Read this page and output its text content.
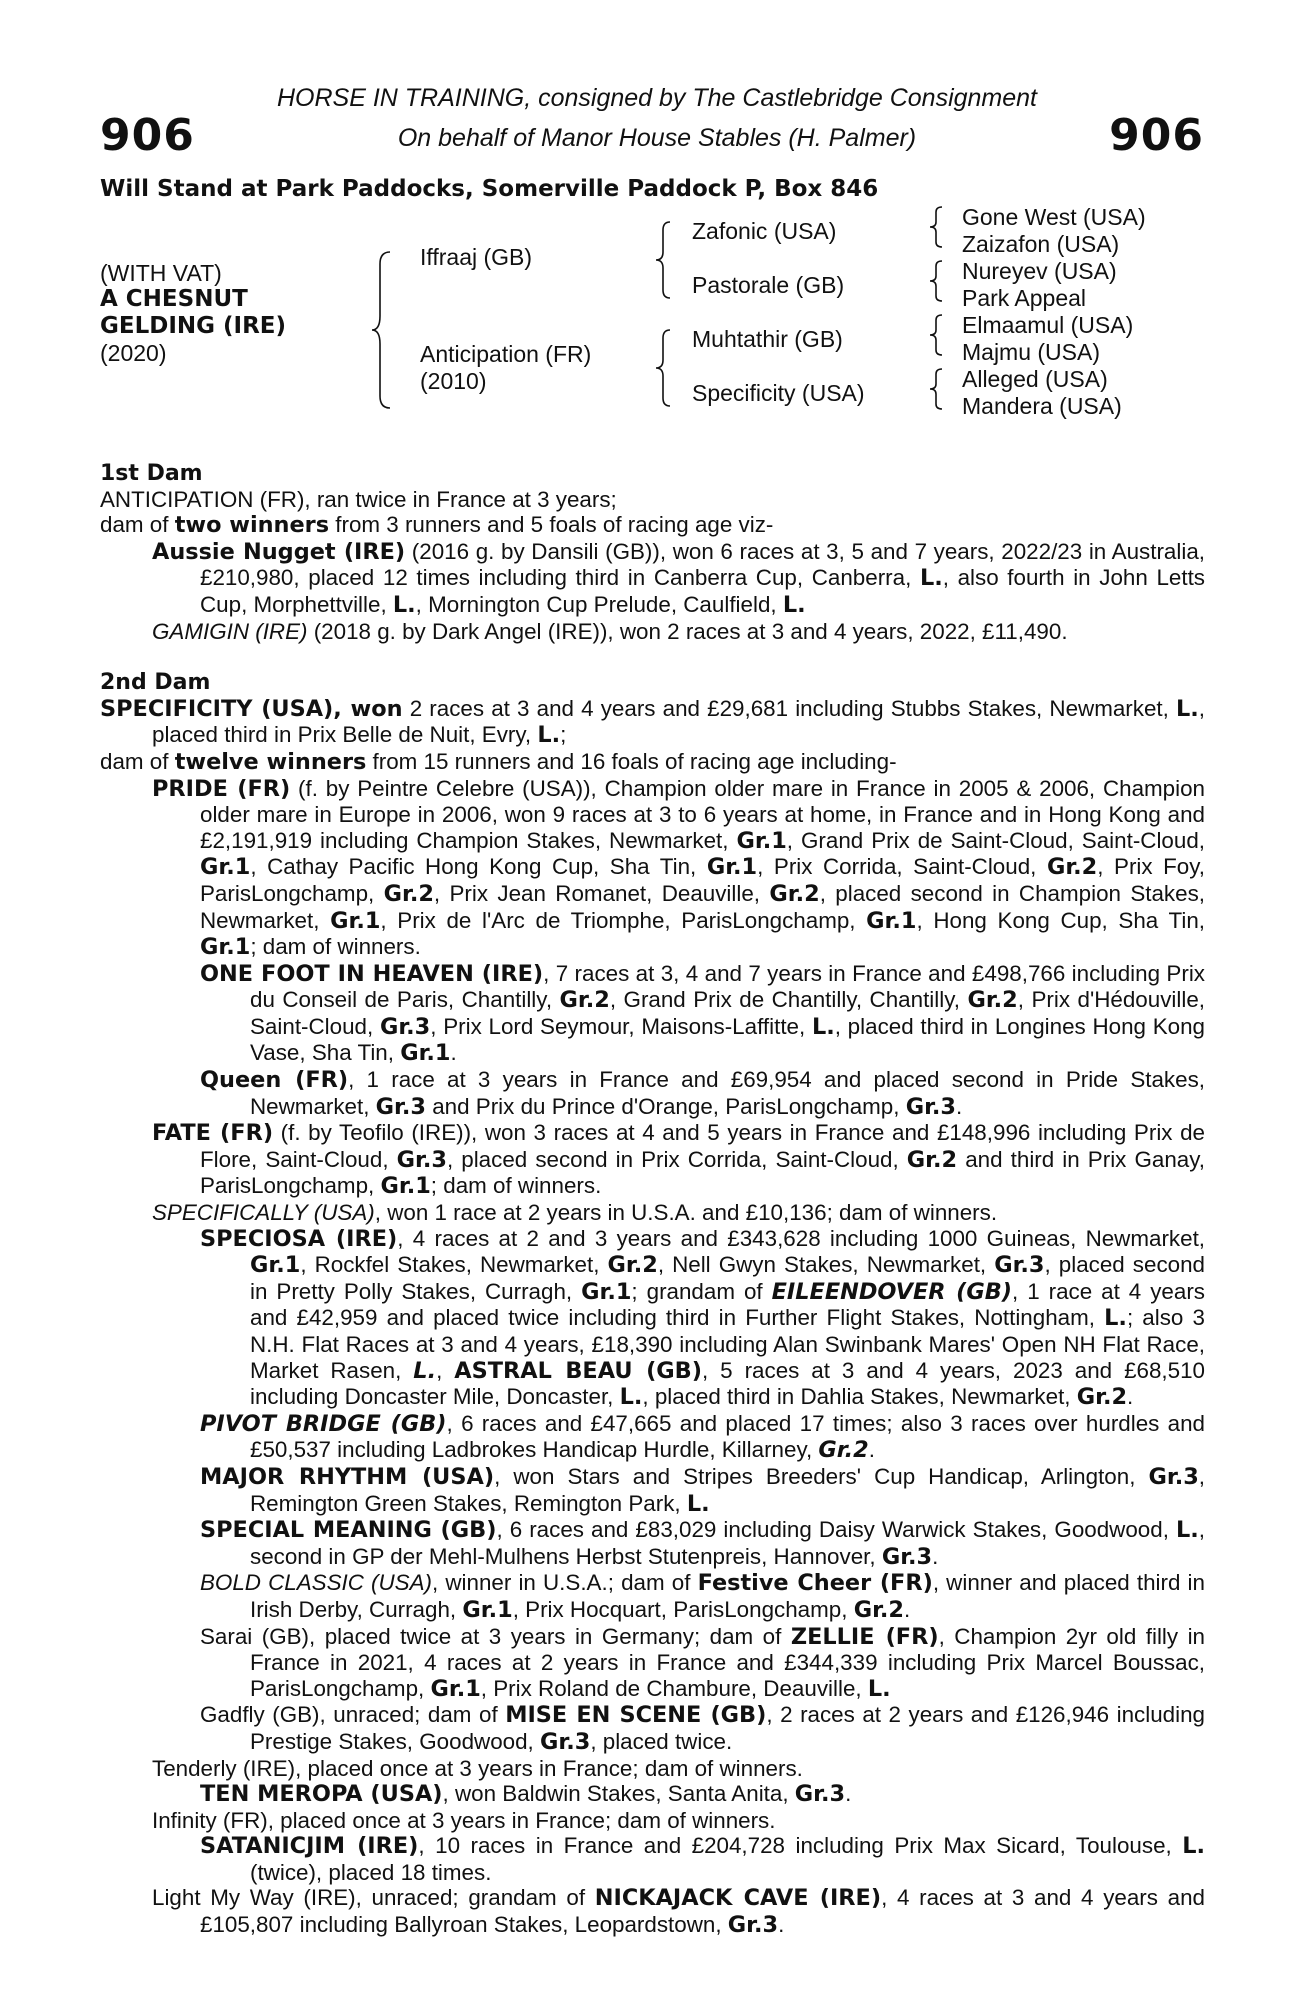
906	906
HORSE IN TRAINING, consigned by The Castlebridge Consignment
On behalf of Manor House Stables (H. Palmer)
Will Stand at Park Paddocks, Somerville Paddock P, Box 846
(WITH VAT)
A CHESNUT
GELDING (IRE)
(2020)
Iffraaj (GB)
Anticipation (FR)
(2010)
Zafonic (USA)
Pastorale (GB)
Muhtathir (GB)
Specificity (USA)
Gone West (USA)
Zaizafon (USA)
Nureyev (USA)
Park Appeal
Elmaamul (USA)
Majmu (USA)
Alleged (USA)
Mandera (USA)

1st Dam

ANTICIPATION (FR), ran twice in France at 3 years;

dam of two winners from 3 runners and 5 foals of racing age viz-

Aussie Nugget (IRE) (2016 g. by Dansili (GB)), won 6 races at 3, 5 and 7 years, 2022/23 in Australia, £210,980, placed 12 times including third in Canberra Cup, Canberra, L., also fourth in John Letts Cup, Morphettville, L., Mornington Cup Prelude, Caulfield, L.

GAMIGIN (IRE) (2018 g. by Dark Angel (IRE)), won 2 races at 3 and 4 years, 2022, £11,490.

2nd Dam

SPECIFICITY (USA), won 2 races at 3 and 4 years and £29,681 including Stubbs Stakes, Newmarket, L., placed third in Prix Belle de Nuit, Evry, L.;

dam of twelve winners from 15 runners and 16 foals of racing age including-

PRIDE (FR) (f. by Peintre Celebre (USA)), Champion older mare in France in 2005 & 2006, Champion older mare in Europe in 2006, won 9 races at 3 to 6 years at home, in France and in Hong Kong and £2,191,919 including Champion Stakes, Newmarket, Gr.1, Grand Prix de Saint-Cloud, Saint-Cloud, Gr.1, Cathay Pacific Hong Kong Cup, Sha Tin, Gr.1, Prix Corrida, Saint-Cloud, Gr.2, Prix Foy, ParisLongchamp, Gr.2, Prix Jean Romanet, Deauville, Gr.2, placed second in Champion Stakes, Newmarket, Gr.1, Prix de l'Arc de Triomphe, ParisLongchamp, Gr.1, Hong Kong Cup, Sha Tin, Gr.1; dam of winners.

ONE FOOT IN HEAVEN (IRE), 7 races at 3, 4 and 7 years in France and £498,766 including Prix du Conseil de Paris, Chantilly, Gr.2, Grand Prix de Chantilly, Chantilly, Gr.2, Prix d'Hédouville, Saint-Cloud, Gr.3, Prix Lord Seymour, Maisons-Laffitte, L., placed third in Longines Hong Kong Vase, Sha Tin, Gr.1.

Queen (FR), 1 race at 3 years in France and £69,954 and placed second in Pride Stakes, Newmarket, Gr.3 and Prix du Prince d'Orange, ParisLongchamp, Gr.3.

FATE (FR) (f. by Teofilo (IRE)), won 3 races at 4 and 5 years in France and £148,996 including Prix de Flore, Saint-Cloud, Gr.3, placed second in Prix Corrida, Saint-Cloud, Gr.2 and third in Prix Ganay, ParisLongchamp, Gr.1; dam of winners.

SPECIFICALLY (USA), won 1 race at 2 years in U.S.A. and £10,136; dam of winners.

SPECIOSA (IRE), 4 races at 2 and 3 years and £343,628 including 1000 Guineas, Newmarket, Gr.1, Rockfel Stakes, Newmarket, Gr.2, Nell Gwyn Stakes, Newmarket, Gr.3, placed second in Pretty Polly Stakes, Curragh, Gr.1; grandam of EILEENDOVER (GB), 1 race at 4 years and £42,959 and placed twice including third in Further Flight Stakes, Nottingham, L.; also 3 N.H. Flat Races at 3 and 4 years, £18,390 including Alan Swinbank Mares' Open NH Flat Race, Market Rasen, L., ASTRAL BEAU (GB), 5 races at 3 and 4 years, 2023 and £68,510 including Doncaster Mile, Doncaster, L., placed third in Dahlia Stakes, Newmarket, Gr.2.

PIVOT BRIDGE (GB), 6 races and £47,665 and placed 17 times; also 3 races over hurdles and £50,537 including Ladbrokes Handicap Hurdle, Killarney, Gr.2.

MAJOR RHYTHM (USA), won Stars and Stripes Breeders' Cup Handicap, Arlington, Gr.3, Remington Green Stakes, Remington Park, L.

SPECIAL MEANING (GB), 6 races and £83,029 including Daisy Warwick Stakes, Goodwood, L., second in GP der Mehl-Mulhens Herbst Stutenpreis, Hannover, Gr.3.

BOLD CLASSIC (USA), winner in U.S.A.; dam of Festive Cheer (FR), winner and placed third in Irish Derby, Curragh, Gr.1, Prix Hocquart, ParisLongchamp, Gr.2.

Sarai (GB), placed twice at 3 years in Germany; dam of ZELLIE (FR), Champion 2yr old filly in France in 2021, 4 races at 2 years in France and £344,339 including Prix Marcel Boussac, ParisLongchamp, Gr.1, Prix Roland de Chambure, Deauville, L.

Gadfly (GB), unraced; dam of MISE EN SCENE (GB), 2 races at 2 years and £126,946 including Prestige Stakes, Goodwood, Gr.3, placed twice.

Tenderly (IRE), placed once at 3 years in France; dam of winners.

TEN MEROPA (USA), won Baldwin Stakes, Santa Anita, Gr.3.

Infinity (FR), placed once at 3 years in France; dam of winners.

SATANICJIM (IRE), 10 races in France and £204,728 including Prix Max Sicard, Toulouse, L. (twice), placed 18 times.

Light My Way (IRE), unraced; grandam of NICKAJACK CAVE (IRE), 4 races at 3 and 4 years and £105,807 including Ballyroan Stakes, Leopardstown, Gr.3.
